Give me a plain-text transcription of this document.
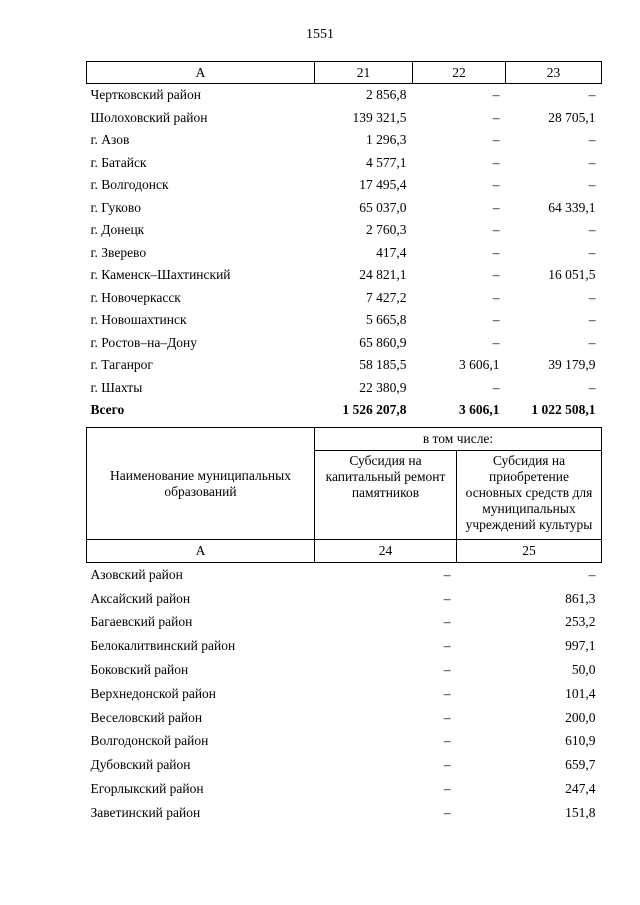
1551
А	21	22	23
Чертковский район	2 856,8	–	–
Шолоховский район	139 321,5	–	28 705,1
г. Азов	1 296,3	–	–
г. Батайск	4 577,1	–	–
г. Волгодонск	17 495,4	–	–
г. Гуково	65 037,0	–	64 339,1
г. Донецк	2 760,3	–	–
г. Зверево	417,4	–	–
г. Каменск–Шахтинский	24 821,1	–	16 051,5
г. Новочеркасск	7 427,2	–	–
г. Новошахтинск	5 665,8	–	–
г. Ростов–на–Дону	65 860,9	–	–
г. Таганрог	58 185,5	3 606,1	39 179,9
г. Шахты	22 380,9	–	–
Всего	1 526 207,8	3 606,1	1 022 508,1
Наименование муниципальных образований	в том числе:	
	Субсидия на капитальный ремонт памятников	Субсидия на приобретение основных средств для муниципальных учреждений культуры
А	24	25
Азовский район	–	–
Аксайский район	–	861,3
Багаевский район	–	253,2
Белокалитвинский район	–	997,1
Боковский район	–	50,0
Верхнедонской район	–	101,4
Веселовский район	–	200,0
Волгодонской район	–	610,9
Дубовский район	–	659,7
Егорлыкский район	–	247,4
Заветинский район	–	151,8
